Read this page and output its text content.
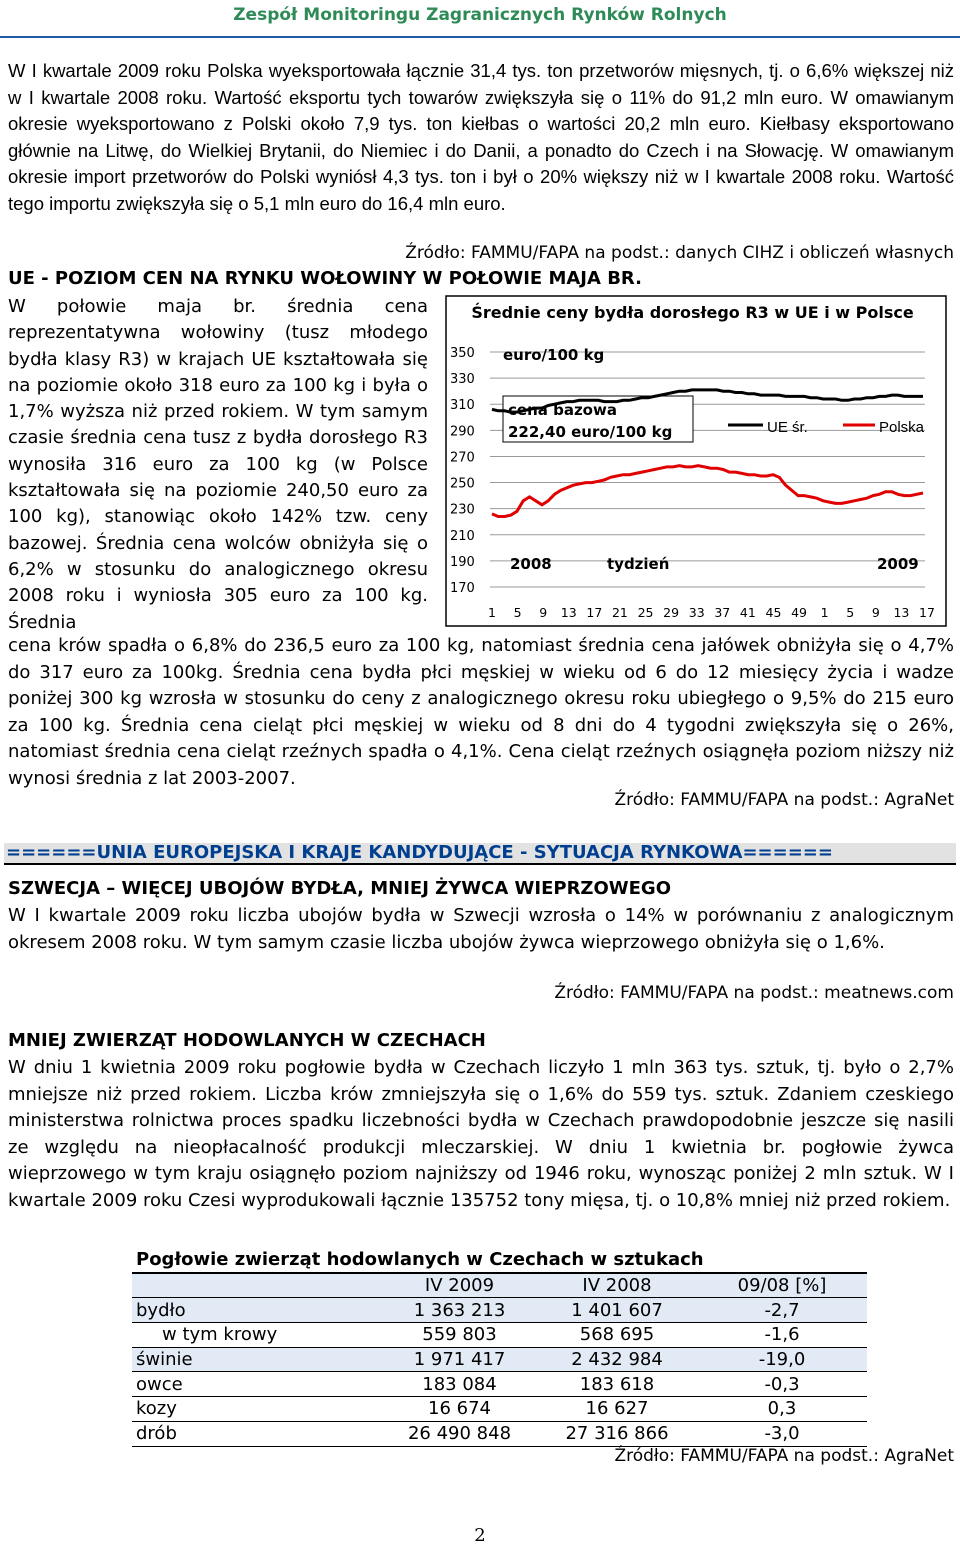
Zespół Monitoringu Zagranicznych Rynków Rolnych

W I kwartale 2009 roku Polska wyeksportowała łącznie 31,4 tys. ton przetworów mięsnych, tj. o 6,6% większej niż w I kwartale 2008 roku. Wartość eksportu tych towarów zwiększyła się o 11% do 91,2 mln euro. W omawianym okresie wyeksportowano z Polski około 7,9 tys. ton kiełbas o wartości 20,2 mln euro. Kiełbasy eksportowano głównie na Litwę, do Wielkiej Brytanii, do Niemiec i do Danii, a ponadto do Czech i na Słowację. W omawianym okresie import przetworów do Polski wyniósł 4,3 tys. ton i był o 20% większy niż w I kwartale 2008 roku. Wartość tego importu zwiększyła się o 5,1 mln euro do 16,4 mln euro.

Źródło: FAMMU/FAPA na podst.: danych CIHZ i obliczeń własnych
UE - POZIOM CEN NA RYNKU WOŁOWINY W POŁOWIE MAJA BR.

W połowie maja br. średnia cena reprezentatywna wołowiny (tusz młodego bydła klasy R3) w krajach UE kształtowała się na poziomie około 318 euro za 100 kg i była o 1,7% wyższa niż przed rokiem. W tym samym czasie średnia cena tusz z bydła dorosłego R3 wynosiła 316 euro za 100 kg (w Polsce kształtowała się na poziomie 240,50 euro za 100 kg), stanowiąc około 142% tzw. ceny bazowej. Średnia cena wolców obniżyła się o 6,2% w stosunku do analogicznego okresu 2008 roku i wyniosła 305 euro za 100 kg. Średnia

Średnie ceny bydła dorosłego R3 w UE i w Polsce
170
190
210
230
250
270
290
310
330
350
1 5 9 13 17 21 25 29 33 37 41 45 49 1 5 9 13 17
euro/100 kg
cena bazowa
222,40 euro/100 kg	UE śr.	Polska
2008	2009
tydzień

cena krów spadła o 6,8% do 236,5 euro za 100 kg, natomiast średnia cena jałówek obniżyła się o 4,7% do 317 euro za 100kg. Średnia cena bydła płci męskiej w wieku od 6 do 12 miesięcy życia i wadze poniżej 300 kg wzrosła w stosunku do ceny z analogicznego okresu roku ubiegłego o 9,5% do 215 euro za 100 kg. Średnia cena cieląt płci męskiej w wieku od 8 dni do 4 tygodni zwiększyła się o 26%, natomiast średnia cena cieląt rzeźnych spadła o 4,1%. Cena cieląt rzeźnych osiągnęła poziom niższy niż wynosi średnia z lat 2003-2007.

Źródło: FAMMU/FAPA na podst.: AgraNet
======UNIA EUROPEJSKA I KRAJE KANDYDUJĄCE - SYTUACJA RYNKOWA======
SZWECJA – WIĘCEJ UBOJÓW BYDŁA, MNIEJ ŻYWCA WIEPRZOWEGO

W I kwartale 2009 roku liczba ubojów bydła w Szwecji wzrosła o 14% w porównaniu z analogicznym okresem 2008 roku. W tym samym czasie liczba ubojów żywca wieprzowego obniżyła się o 1,6%.

Źródło: FAMMU/FAPA na podst.: meatnews.com
MNIEJ ZWIERZĄT HODOWLANYCH W CZECHACH

W dniu 1 kwietnia 2009 roku pogłowie bydła w Czechach liczyło 1 mln 363 tys. sztuk, tj. było o 2,7% mniejsze niż przed rokiem. Liczba krów zmniejszyła się o 1,6% do 559 tys. sztuk. Zdaniem czeskiego ministerstwa rolnictwa proces spadku liczebności bydła w Czechach prawdopodobnie jeszcze się nasili ze względu na nieopłacalność produkcji mleczarskiej. W dniu 1 kwietnia br. pogłowie żywca wieprzowego w tym kraju osiągnęło poziom najniższy od 1946 roku, wynosząc poniżej 2 mln sztuk. W I kwartale 2009 roku Czesi wyprodukowali łącznie 135752 tony mięsa, tj. o 10,8% mniej niż przed rokiem.

Pogłowie zwierząt hodowlanych w Czechach w sztukach			
	IV 2009	IV 2008	09/08 [%]
bydło	1 363 213	1 401 607	-2,7
w tym krowy	559 803	568 695	-1,6
świnie	1 971 417	2 432 984	-19,0
owce	183 084	183 618	-0,3
kozy	16 674	16 627	0,3
drób	26 490 848	27 316 866	-3,0
Źródło: FAMMU/FAPA na podst.: AgraNet
2
